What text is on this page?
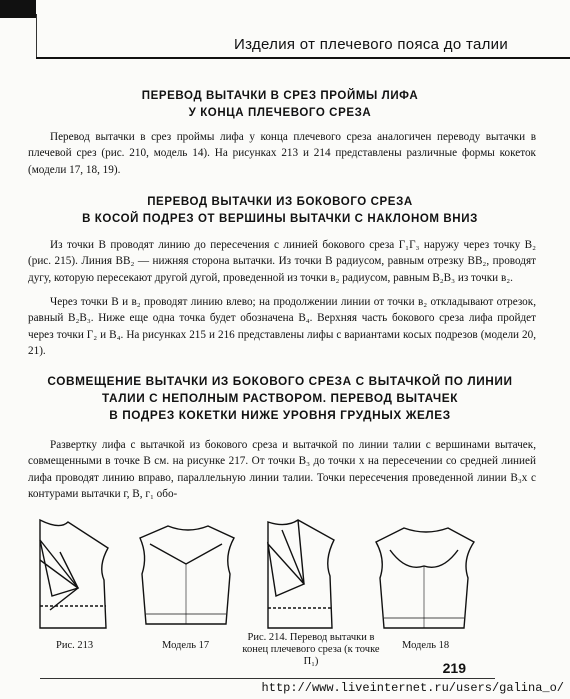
Изделия от плечевого пояса до талии
ПЕРЕВОД ВЫТАЧКИ В СРЕЗ ПРОЙМЫ ЛИФА
У КОНЦА ПЛЕЧЕВОГО СРЕЗА
Перевод вытачки в срез проймы лифа у конца плечевого среза аналогичен переводу вытачки в плечевой срез (рис. 210, модель 14). На рисунках 213 и 214 представлены различные формы кокеток (модели 17, 18, 19).
ПЕРЕВОД ВЫТАЧКИ ИЗ БОКОВОГО СРЕЗА
В КОСОЙ ПОДРЕЗ ОТ ВЕРШИНЫ ВЫТАЧКИ С НАКЛОНОМ ВНИЗ
Из точки В проводят линию до пересечения с линией бокового среза Г₁Г₃ наружу через точку В₂ (рис. 215). Линия ВВ₂ — нижняя сторона вытачки. Из точки В радиусом, равным отрезку ВВ₂, проводят дугу, которую пересекают другой дугой, проведенной из точки в₂ радиусом, равным В₂В₃ из точки в₂.
Через точки В и в₂ проводят линию влево; на продолжении линии от точки в₂ откладывают отрезок, равный В₂В₃. Ниже еще одна точка будет обозначена В₄. Верхняя часть бокового среза лифа пройдет через точки Г₂ и В₄. На рисунках 215 и 216 представлены лифы с вариантами косых подрезов (модели 20, 21).
СОВМЕЩЕНИЕ ВЫТАЧКИ ИЗ БОКОВОГО СРЕЗА С ВЫТАЧКОЙ ПО ЛИНИИ
ТАЛИИ С НЕПОЛНЫМ РАСТВОРОМ. ПЕРЕВОД ВЫТАЧЕК
В ПОДРЕЗ КОКЕТКИ НИЖЕ УРОВНЯ ГРУДНЫХ ЖЕЛЕЗ
Развертку лифа с вытачкой из бокового среза и вытачкой по линии талии с вершинами вытачек, совмещенными в точке В см. на рисунке 217. От точки В₃ до точки х на пересечении со средней линией лифа проводят линию вправо, параллельную линии талии. Точки пересечения проведенной линии В₃х с контурами вытачки г, В, г₁ обо-
Рис. 213	Модель 17
Рис. 214. Перевод вытачки в
конец плечевого среза (к точке П₁)
Модель 18
219
http://www.liveinternet.ru/users/galina_o/
